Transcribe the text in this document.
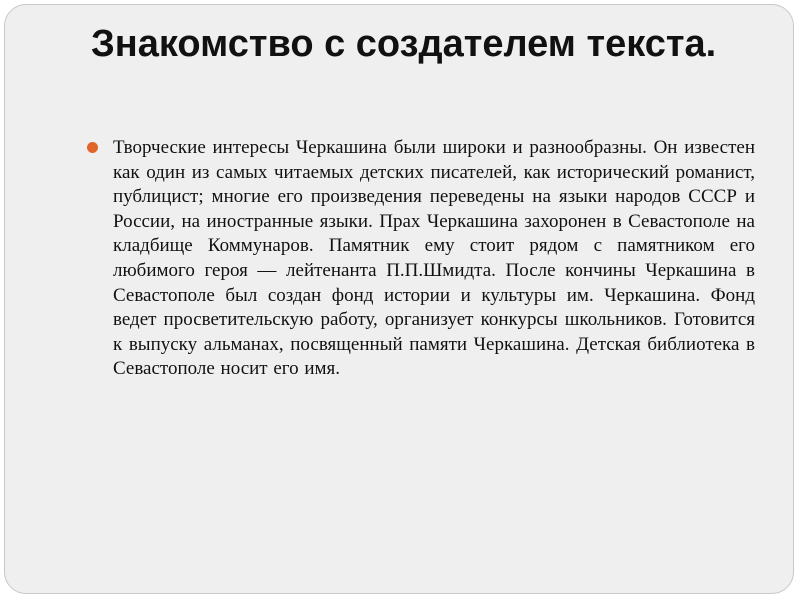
Знакомство с создателем текста.

Творческие интересы Черкашина были широки и разнообразны. Он известен как один из самых читаемых детских писателей, как исторический романист, публицист; многие его произведения переведены на языки народов СССР и России, на иностранные языки. Прах Черкашина захоронен в Севастополе на кладбище Коммунаров. Памятник ему стоит рядом с памятником его любимого героя — лейтенанта П.П.Шмидта. После кончины Черкашина в Севастополе был создан фонд истории и культуры им. Черкашина. Фонд ведет просветительскую работу, организует конкурсы школьников. Готовится к выпуску альманах, посвященный памяти Черкашина. Детская библиотека в Севастополе носит его имя.
